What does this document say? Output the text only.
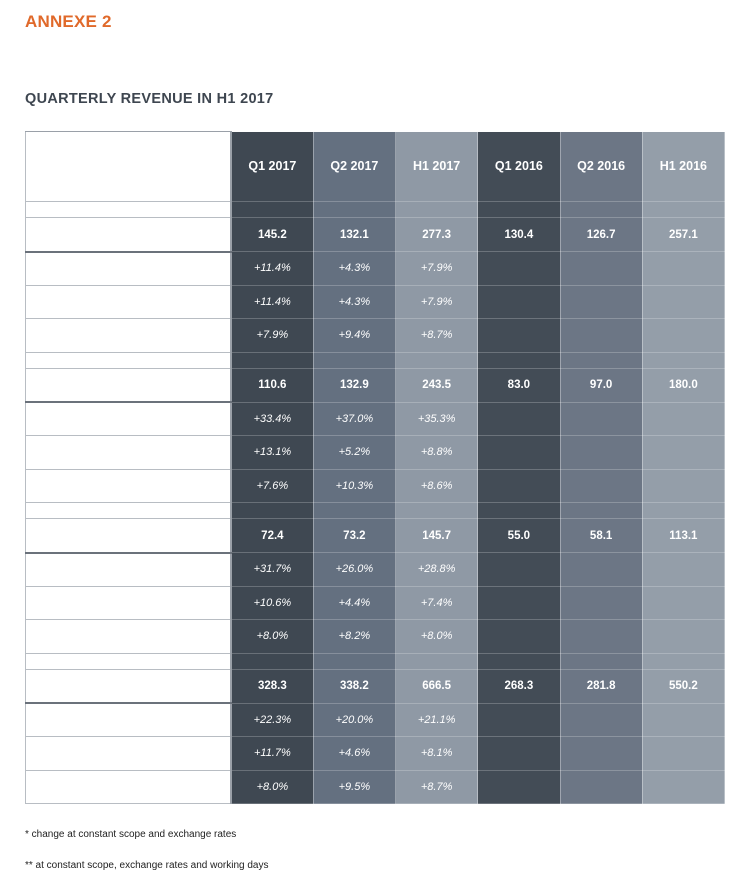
ANNEXE 2
QUARTERLY REVENUE IN H1 2017
Revenue
(€ million)	Q1 2017	Q2 2017	H1 2017	Q1 2016	Q2 2016	H1 2016

France	145.2	132.1	277.3	130.4	126.7	257.1
Change	+11.4%	+4.3%	+7.9%			
Organic change*	+11.4%	+4.3%	+7.9%			
Economic growth**	+7.9%	+9.4%	+8.7%			

Germany	110.6	132.9	243.5	83.0	97.0	180.0
Change	+33.4%	+37.0%	+35.3%			
Organic change*	+13.1%	+5.2%	+8.8%			
Economic growth**	+7.6%	+10.3%	+8.6%			

International (excl. Germany)	72.4	73.2	145.7	55.0	58.1	113.1
Change	+31.7%	+26.0%	+28.8%			
Organic change*	+10.6%	+4.4%	+7.4%			
Economic growth**	+8.0%	+8.2%	+8.0%			

Total Group	328.3	338.2	666.5	268.3	281.8	550.2
Change	+22.3%	+20.0%	+21.1%			
Organic change*	+11.7%	+4.6%	+8.1%			
Economic growth**	+8.0%	+9.5%	+8.7%			
* change at constant scope and exchange rates
** at constant scope, exchange rates and working days
